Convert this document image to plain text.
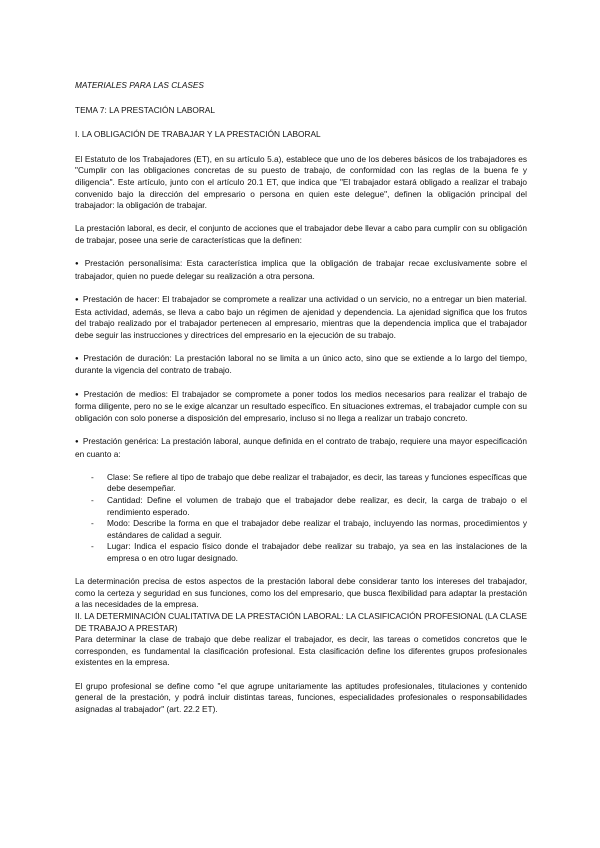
MATERIALES PARA LAS CLASES

TEMA 7: LA PRESTACIÓN LABORAL

I. LA OBLIGACIÓN DE TRABAJAR Y LA PRESTACIÓN LABORAL

El Estatuto de los Trabajadores (ET), en su artículo 5.a), establece que uno de los deberes básicos de los trabajadores es "Cumplir con las obligaciones concretas de su puesto de trabajo, de conformidad con las reglas de la buena fe y diligencia". Este artículo, junto con el artículo 20.1 ET, que indica que "El trabajador estará obligado a realizar el trabajo convenido bajo la dirección del empresario o persona en quien este delegue", definen la obligación principal del trabajador: la obligación de trabajar.

La prestación laboral, es decir, el conjunto de acciones que el trabajador debe llevar a cabo para cumplir con su obligación de trabajar, posee una serie de características que la definen:

● Prestación personalísima: Esta característica implica que la obligación de trabajar recae exclusivamente sobre el trabajador, quien no puede delegar su realización a otra persona.

● Prestación de hacer: El trabajador se compromete a realizar una actividad o un servicio, no a entregar un bien material. Esta actividad, además, se lleva a cabo bajo un régimen de ajenidad y dependencia. La ajenidad significa que los frutos del trabajo realizado por el trabajador pertenecen al empresario, mientras que la dependencia implica que el trabajador debe seguir las instrucciones y directrices del empresario en la ejecución de su trabajo.

● Prestación de duración: La prestación laboral no se limita a un único acto, sino que se extiende a lo largo del tiempo, durante la vigencia del contrato de trabajo.

● Prestación de medios: El trabajador se compromete a poner todos los medios necesarios para realizar el trabajo de forma diligente, pero no se le exige alcanzar un resultado específico. En situaciones extremas, el trabajador cumple con su obligación con solo ponerse a disposición del empresario, incluso si no llega a realizar un trabajo concreto.

● Prestación genérica: La prestación laboral, aunque definida en el contrato de trabajo, requiere una mayor especificación en cuanto a:

- Clase: Se refiere al tipo de trabajo que debe realizar el trabajador, es decir, las tareas y funciones específicas que debe desempeñar.
- Cantidad: Define el volumen de trabajo que el trabajador debe realizar, es decir, la carga de trabajo o el rendimiento esperado.
- Modo: Describe la forma en que el trabajador debe realizar el trabajo, incluyendo las normas, procedimientos y estándares de calidad a seguir.
- Lugar: Indica el espacio físico donde el trabajador debe realizar su trabajo, ya sea en las instalaciones de la empresa o en otro lugar designado.

La determinación precisa de estos aspectos de la prestación laboral debe considerar tanto los intereses del trabajador, como la certeza y seguridad en sus funciones, como los del empresario, que busca flexibilidad para adaptar la prestación a las necesidades de la empresa.

II. LA DETERMINACIÓN CUALITATIVA DE LA PRESTACIÓN LABORAL: LA CLASIFICACIÓN PROFESIONAL (LA CLASE DE TRABAJO A PRESTAR)

Para determinar la clase de trabajo que debe realizar el trabajador, es decir, las tareas o cometidos concretos que le corresponden, es fundamental la clasificación profesional. Esta clasificación define los diferentes grupos profesionales existentes en la empresa.

El grupo profesional se define como "el que agrupe unitariamente las aptitudes profesionales, titulaciones y contenido general de la prestación, y podrá incluir distintas tareas, funciones, especialidades profesionales o responsabilidades asignadas al trabajador" (art. 22.2 ET).
